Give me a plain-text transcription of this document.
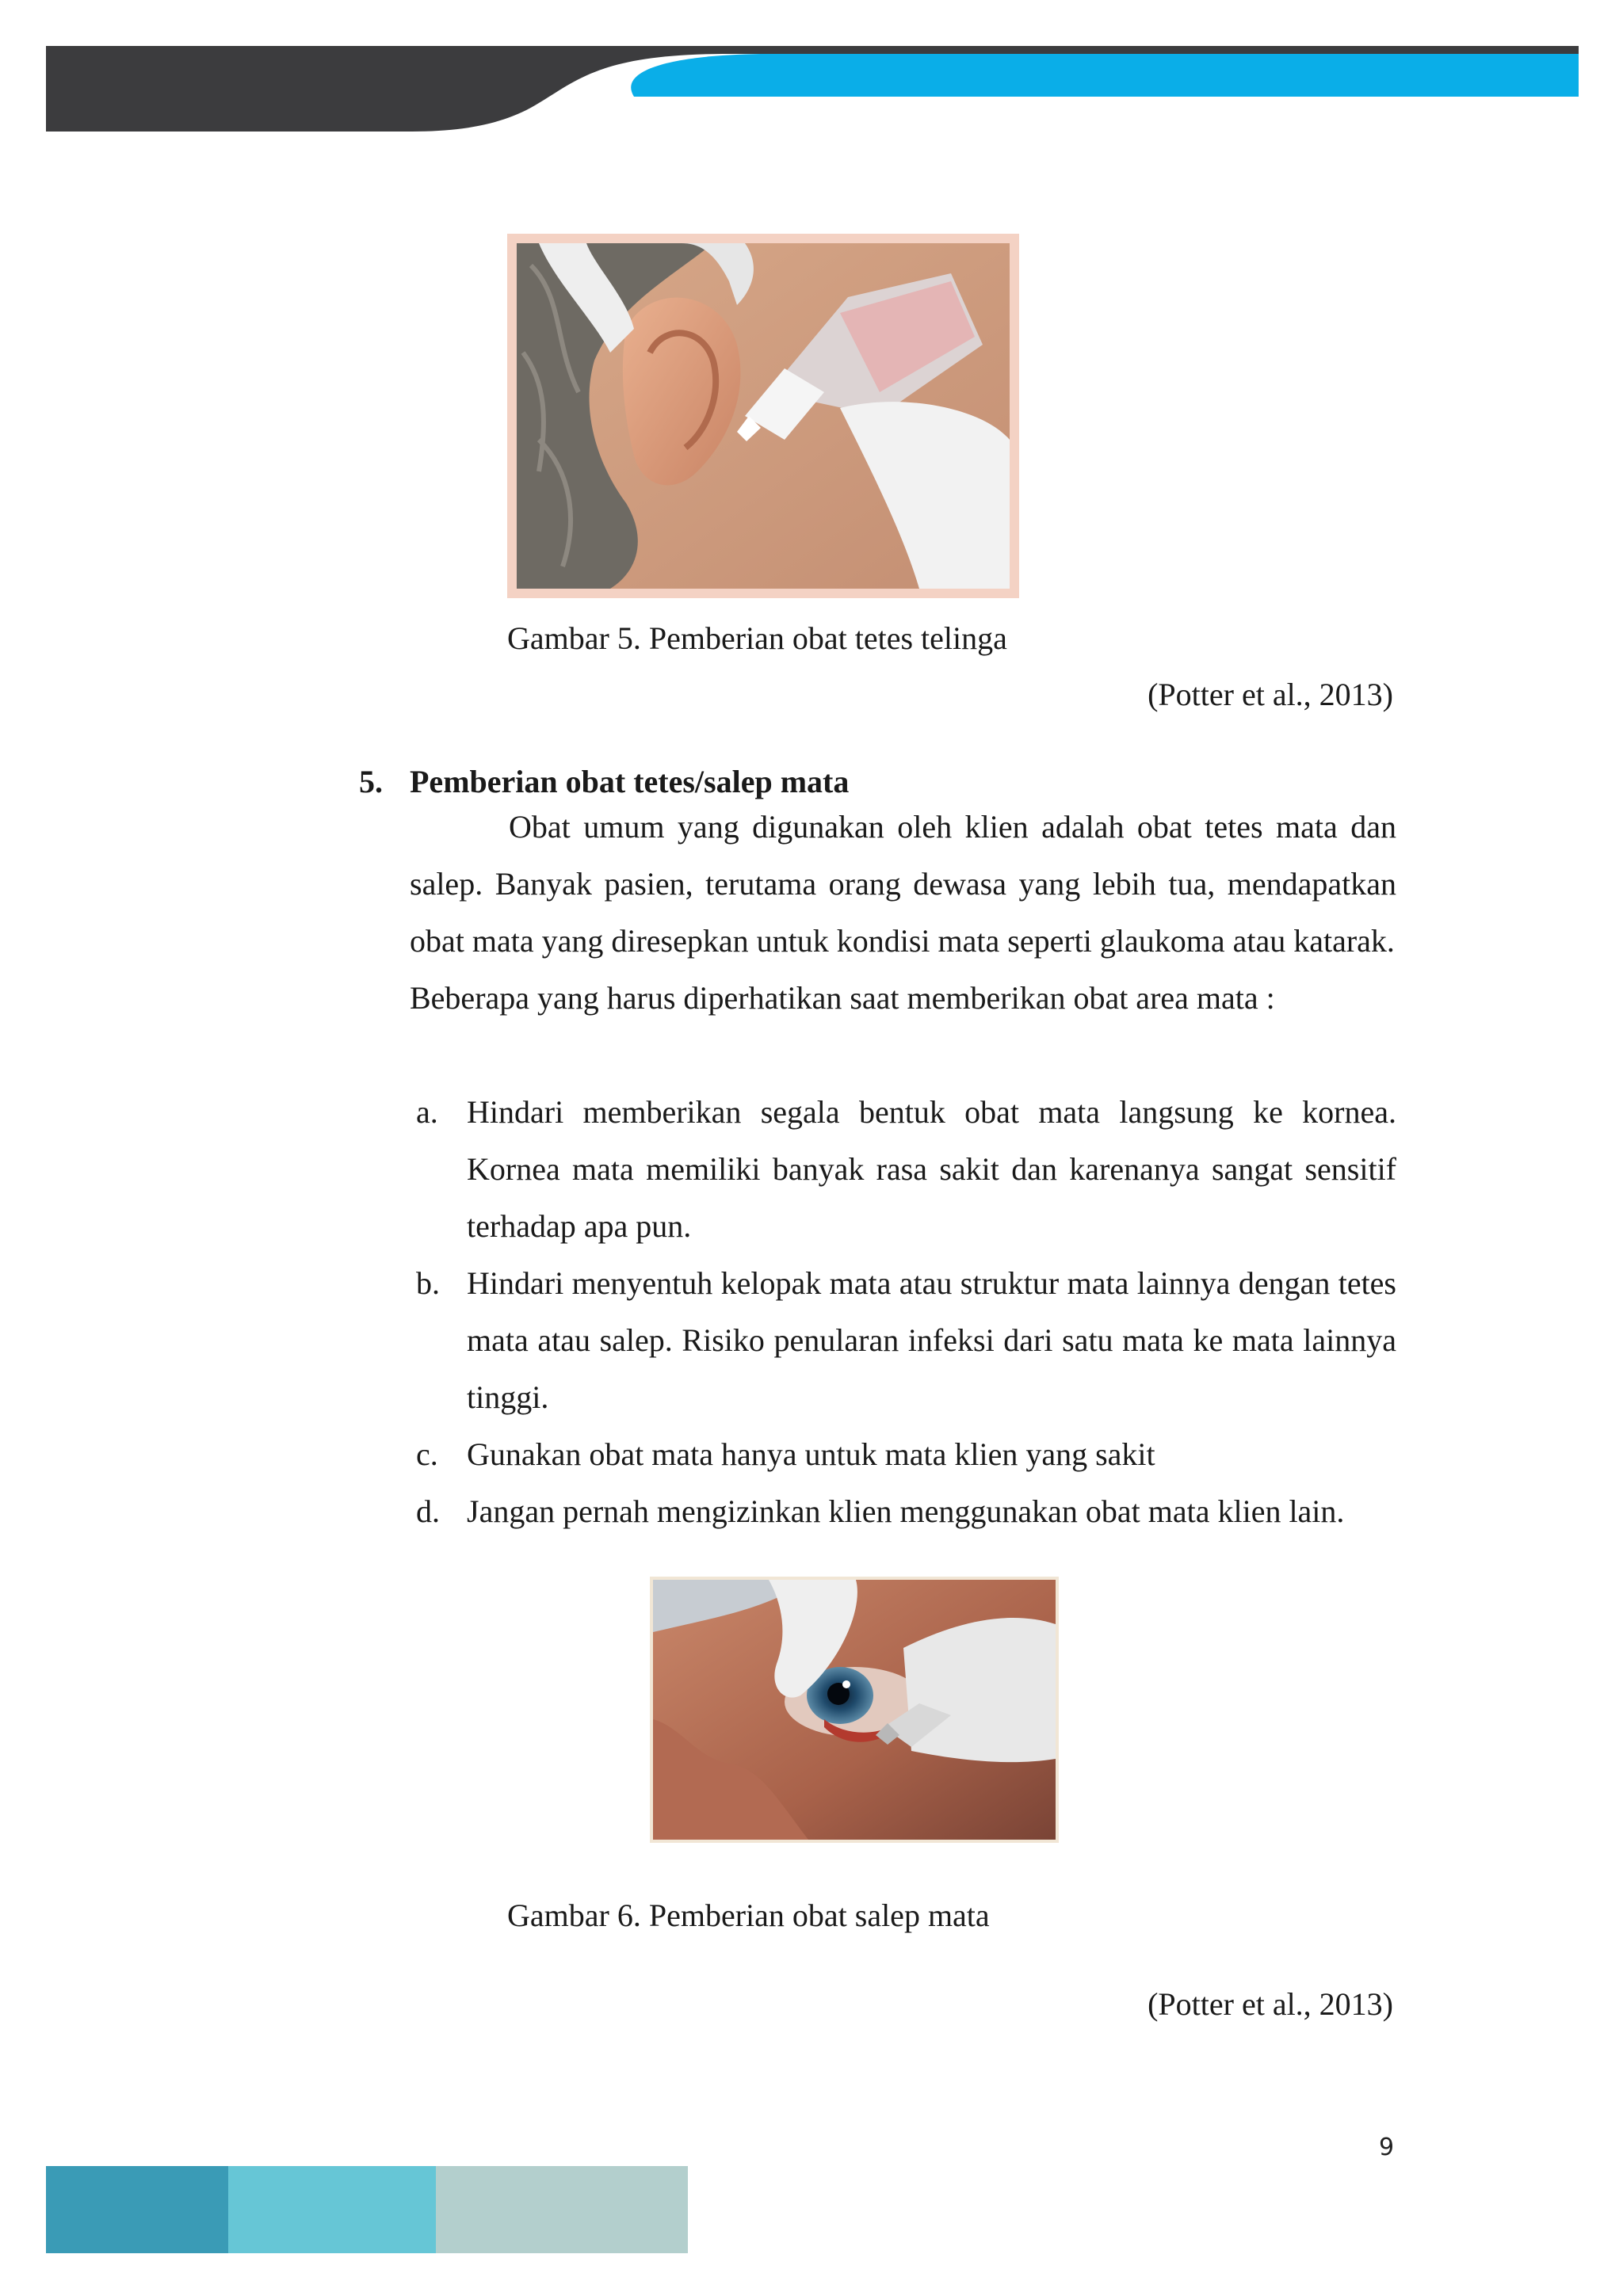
Gambar 5. Pemberian obat tetes telinga
(Potter et al., 2013)
5. Pemberian obat tetes/salep mata

Obat umum yang digunakan oleh klien adalah obat tetes mata dan salep. Banyak pasien, terutama orang dewasa yang lebih tua, mendapatkan obat mata yang diresepkan untuk kondisi mata seperti glaukoma atau katarak.

Beberapa yang harus diperhatikan saat memberikan obat area mata :

a. Hindari memberikan segala bentuk obat mata langsung ke kornea. Kornea mata memiliki banyak rasa sakit dan karenanya sangat sensitif terhadap apa pun.
b. Hindari menyentuh kelopak mata atau struktur mata lainnya dengan tetes mata atau salep. Risiko penularan infeksi dari satu mata ke mata lainnya tinggi.
c. Gunakan obat mata hanya untuk mata klien yang sakit
d. Jangan pernah mengizinkan klien menggunakan obat mata klien lain.
Gambar 6. Pemberian obat salep mata
(Potter et al., 2013)
9
